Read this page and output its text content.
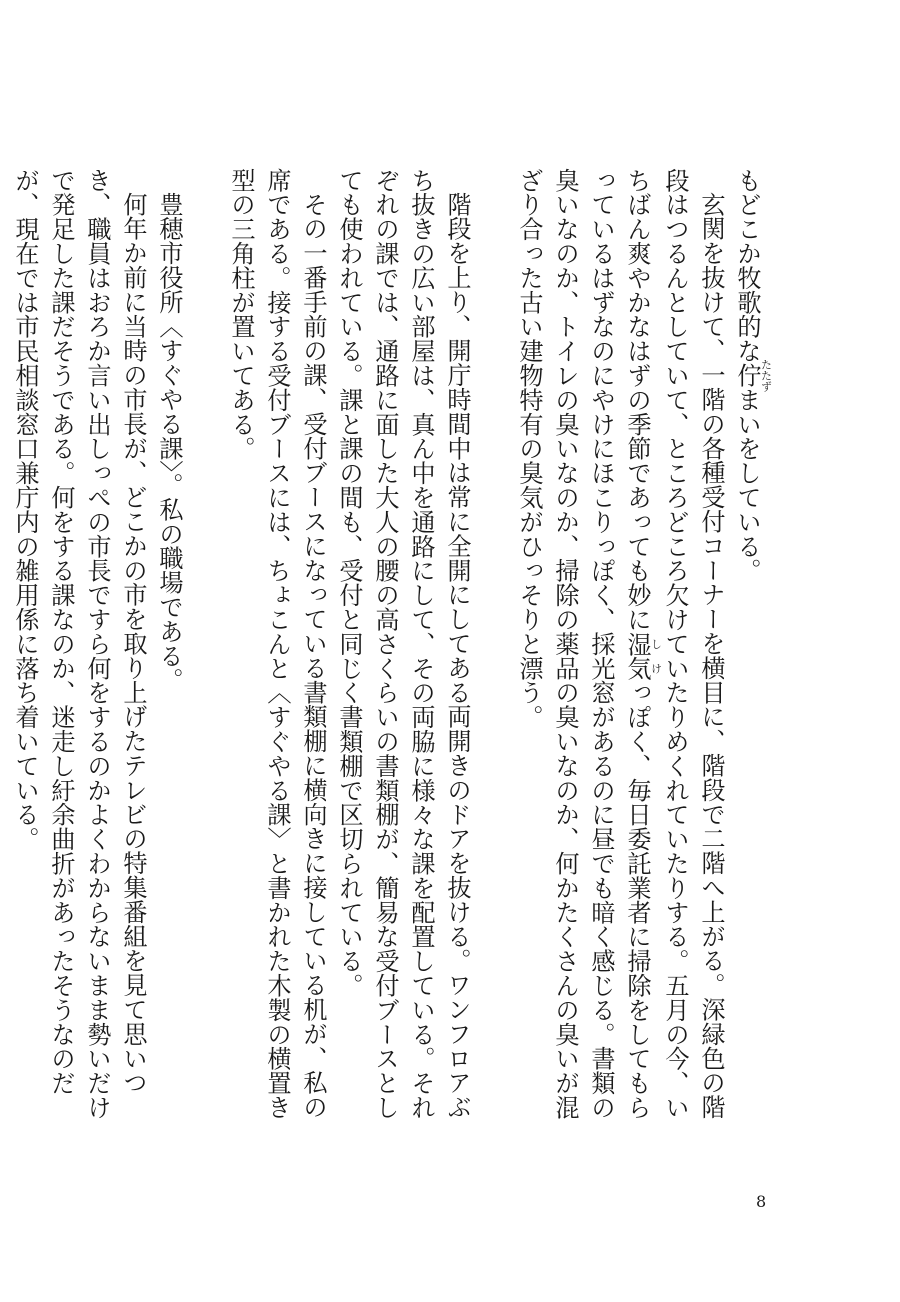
もどこか牧歌的な佇たたずまいをしている。

玄関を抜けて、一階の各種受付コーナーを横目に、階段で二階へ上がる。深緑色の階段はつるんとしていて、ところどころ欠けていたりめくれていたりする。五月の今、いちばん爽やかなはずの季節であっても妙に湿気しけっぽく、毎日委託業者に掃除をしてもらっているはずなのにやけにほこりっぽく、採光窓があるのに昼でも暗く感じる。書類の臭いなのか、トイレの臭いなのか、掃除の薬品の臭いなのか、何かたくさんの臭いが混ざり合った古い建物特有の臭気がひっそりと漂う。

階段を上り、開庁時間中は常に全開にしてある両開きのドアを抜ける。ワンフロアぶち抜きの広い部屋は、真ん中を通路にして、その両脇に様々な課を配置している。それぞれの課では、通路に面した大人の腰の高さくらいの書類棚が、簡易な受付ブースとしても使われている。課と課の間も、受付と同じく書類棚で区切られている。

その一番手前の課、受付ブースになっている書類棚に横向きに接している机が、私の席である。接する受付ブースには、ちょこんと〈すぐやる課〉と書かれた木製の横置き型の三角柱が置いてある。

豊穂市役所〈すぐやる課〉。私の職場である。

何年か前に当時の市長が、どこかの市を取り上げたテレビの特集番組を見て思いつき、職員はおろか言い出しっぺの市長ですら何をするのかよくわからないまま勢いだけで発足した課だそうである。何をする課なのか、迷走し紆余曲折があったそうなのだが、現在では市民相談窓口兼庁内の雑用係に落ち着いている。

8
